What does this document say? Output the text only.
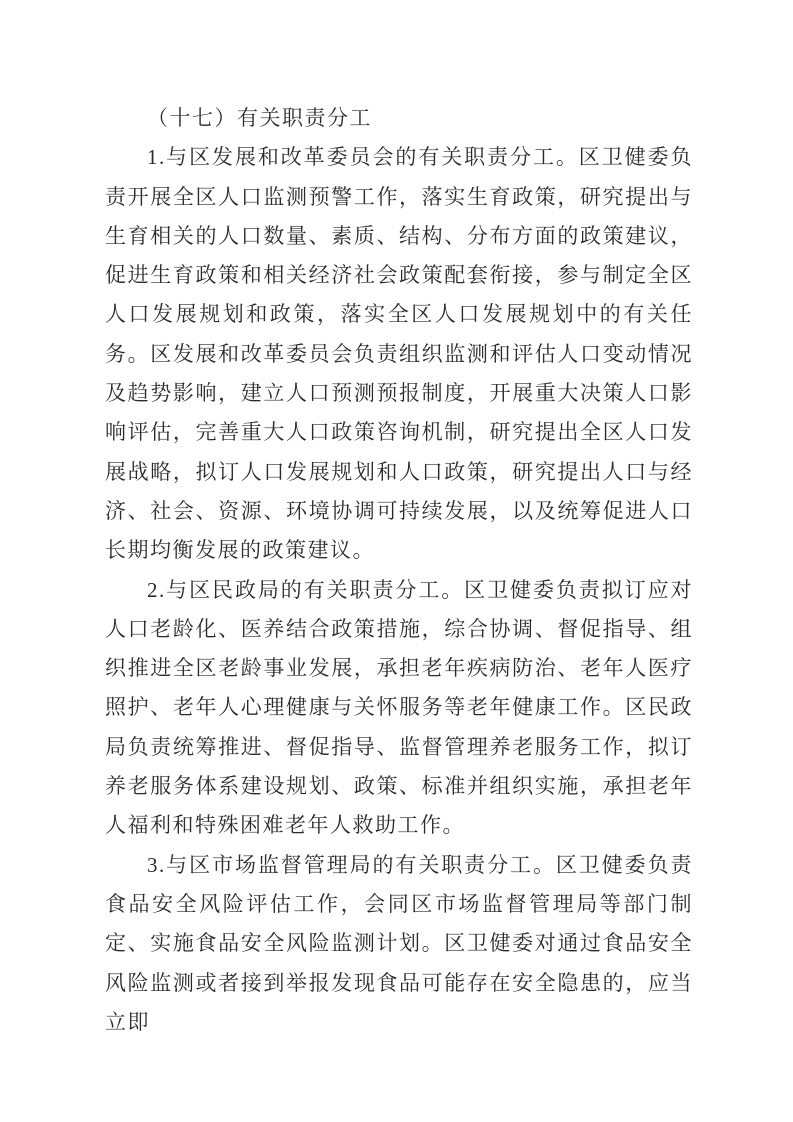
（十七）有关职责分工

1.与区发展和改革委员会的有关职责分工。区卫健委负责开展全区人口监测预警工作，落实生育政策，研究提出与生育相关的人口数量、素质、结构、分布方面的政策建议，促进生育政策和相关经济社会政策配套衔接，参与制定全区人口发展规划和政策，落实全区人口发展规划中的有关任务。区发展和改革委员会负责组织监测和评估人口变动情况及趋势影响，建立人口预测预报制度，开展重大决策人口影响评估，完善重大人口政策咨询机制，研究提出全区人口发展战略，拟订人口发展规划和人口政策，研究提出人口与经济、社会、资源、环境协调可持续发展，以及统筹促进人口长期均衡发展的政策建议。

2.与区民政局的有关职责分工。区卫健委负责拟订应对人口老龄化、医养结合政策措施，综合协调、督促指导、组织推进全区老龄事业发展，承担老年疾病防治、老年人医疗照护、老年人心理健康与关怀服务等老年健康工作。区民政局负责统筹推进、督促指导、监督管理养老服务工作，拟订养老服务体系建设规划、政策、标准并组织实施，承担老年人福利和特殊困难老年人救助工作。

3.与区市场监督管理局的有关职责分工。区卫健委负责食品安全风险评估工作，会同区市场监督管理局等部门制定、实施食品安全风险监测计划。区卫健委对通过食品安全风险监测或者接到举报发现食品可能存在安全隐患的，应当立即
